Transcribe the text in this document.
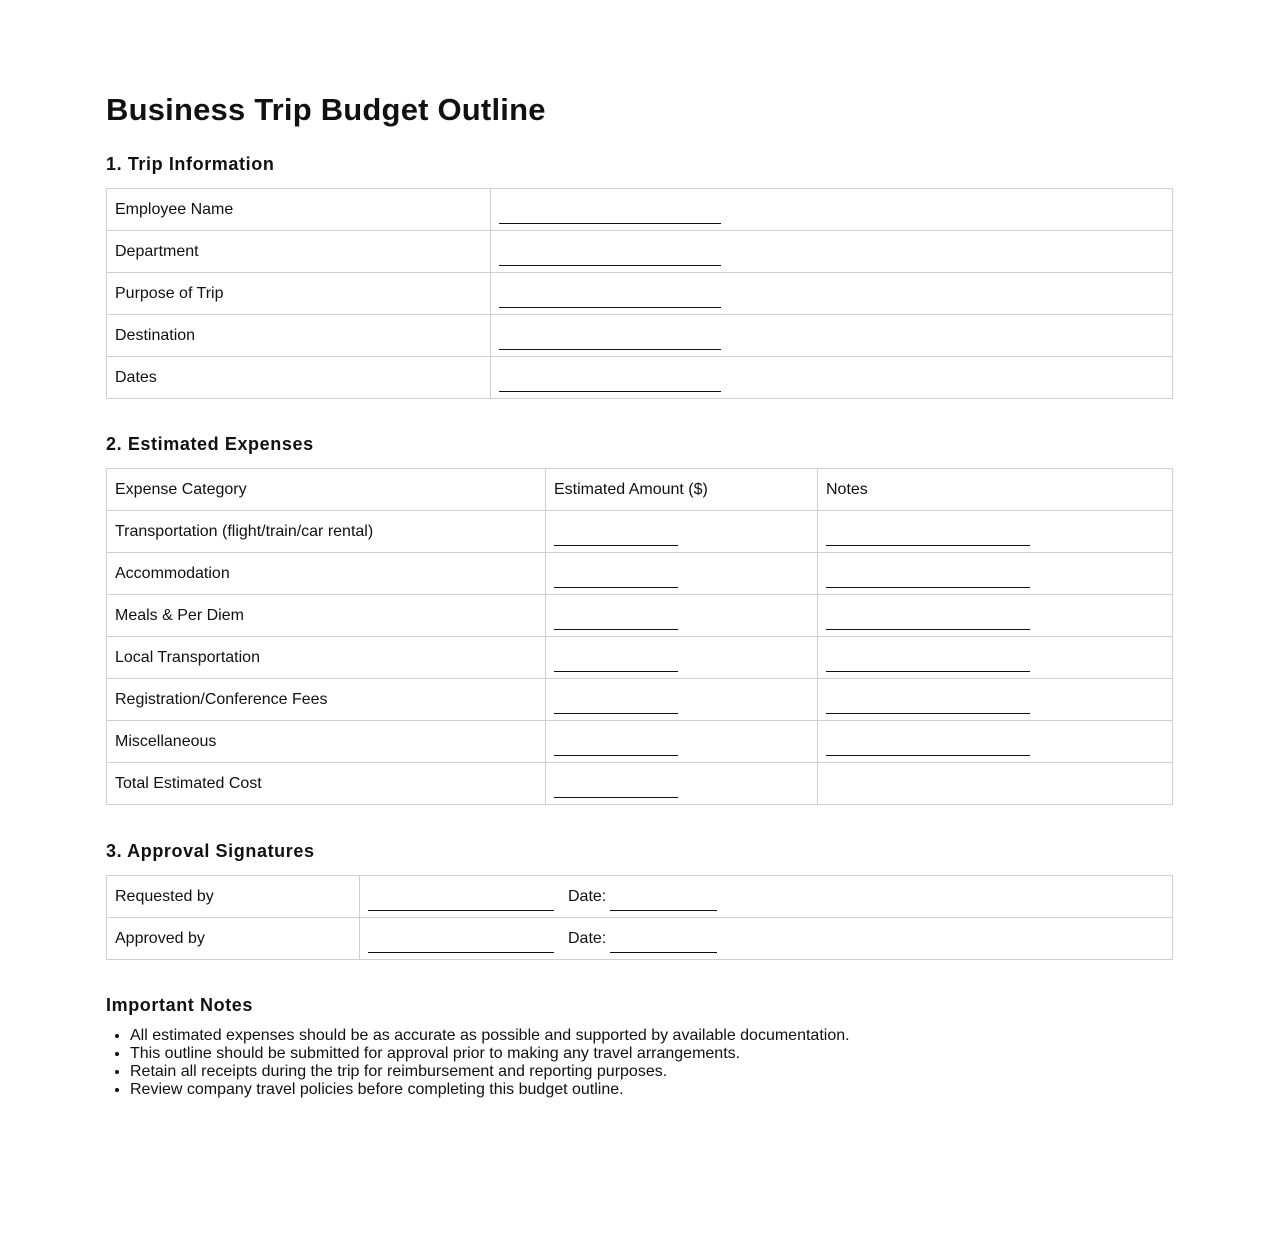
Business Trip Budget Outline
1. Trip Information
Employee Name	
Department	
Purpose of Trip	
Destination	
Dates	
2. Estimated Expenses
Expense Category	Estimated Amount ($)	Notes
Transportation (flight/train/car rental)		
Accommodation		
Meals & Per Diem		
Local Transportation		
Registration/Conference Fees		
Miscellaneous		
Total Estimated Cost		
3. Approval Signatures
Requested by	Date:
Approved by	Date:
Important Notes
• All estimated expenses should be as accurate as possible and supported by available documentation.
• This outline should be submitted for approval prior to making any travel arrangements.
• Retain all receipts during the trip for reimbursement and reporting purposes.
• Review company travel policies before completing this budget outline.
